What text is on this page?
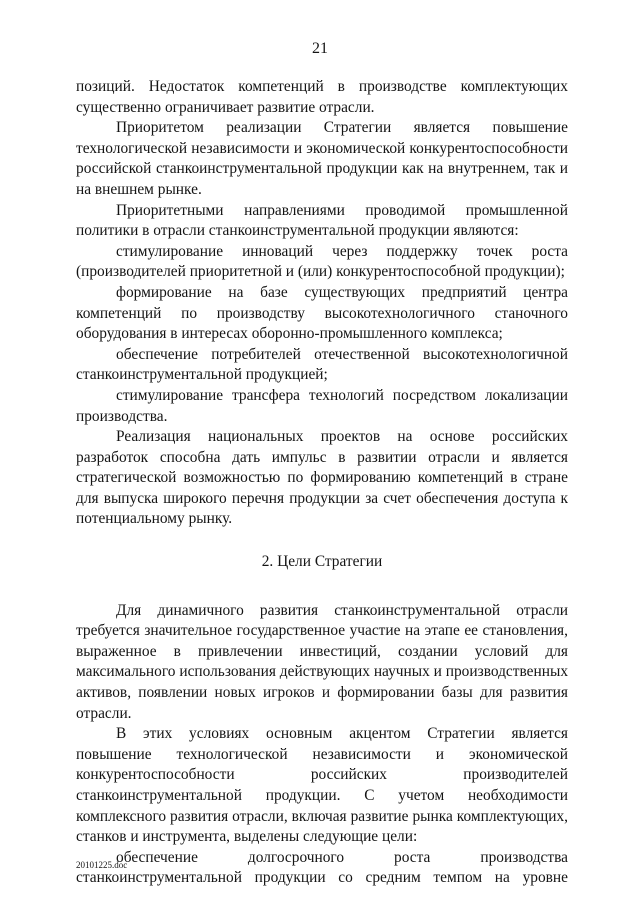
21

позиций. Недостаток компетенций в производстве комплектующих существенно ограничивает развитие отрасли.

Приоритетом реализации Стратегии является повышение технологической независимости и экономической конкурентоспособности российской станкоинструментальной продукции как на внутреннем, так и на внешнем рынке.

Приоритетными направлениями проводимой промышленной политики в отрасли станкоинструментальной продукции являются:

стимулирование инноваций через поддержку точек роста (производителей приоритетной и (или) конкурентоспособной продукции);

формирование на базе существующих предприятий центра компетенций по производству высокотехнологичного станочного оборудования в интересах оборонно-промышленного комплекса;

обеспечение потребителей отечественной высокотехнологичной станкоинструментальной продукцией;

стимулирование трансфера технологий посредством локализации производства.

Реализация национальных проектов на основе российских разработок способна дать импульс в развитии отрасли и является стратегической возможностью по формированию компетенций в стране для выпуска широкого перечня продукции за счет обеспечения доступа к потенциальному рынку.

2. Цели Стратегии

Для динамичного развития станкоинструментальной отрасли требуется значительное государственное участие на этапе ее становления, выраженное в привлечении инвестиций, создании условий для максимального использования действующих научных и производственных активов, появлении новых игроков и формировании базы для развития отрасли.

В этих условиях основным акцентом Стратегии является повышение технологической независимости и экономической конкурентоспособности российских производителей станкоинструментальной продукции. С учетом необходимости комплексного развития отрасли, включая развитие рынка комплектующих, станков и инструмента, выделены следующие цели:

обеспечение долгосрочного роста производства станкоинструментальной продукции со средним темпом на уровне

20101225.doc
